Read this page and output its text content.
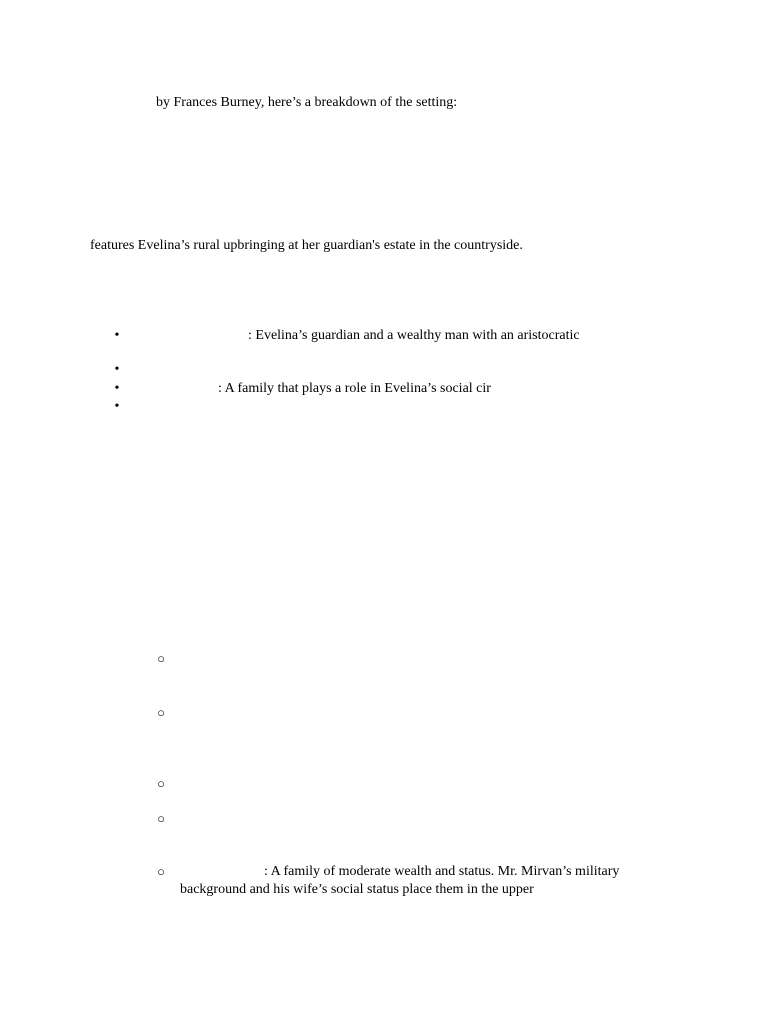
by Frances Burney, here’s a breakdown of the setting:
features Evelina’s rural upbringing at her guardian's estate in the countryside.
•	: Evelina’s guardian and a wealthy man with an aristocratic
•
•	: A family that plays a role in Evelina’s social cir
•
○
○
○
○
○	: A family of moderate wealth and status. Mr. Mirvan’s military
background and his wife’s social status place them in the upper
